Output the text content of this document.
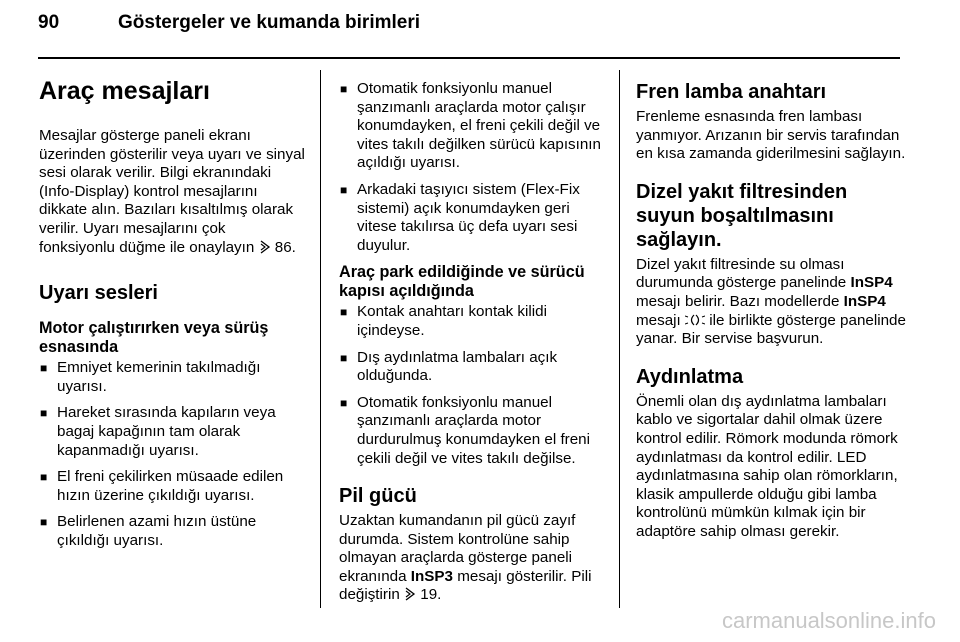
90	Göstergeler ve kumanda birimleri
Araç mesajları

Mesajlar gösterge paneli ekranı üzerinden gösterilir veya uyarı ve sinyal sesi olarak verilir. Bilgi ekranındaki (Info-Display) kontrol mesajlarını dikkate alın. Bazıları kısaltılmış olarak verilir. Uyarı mesajlarını çok fonksiyonlu düğme ile onaylayın 86.

Uyarı sesleri
Motor çalıştırırken veya sürüş esnasında
■ Emniyet kemerinin takılmadığı uyarısı.
■ Hareket sırasında kapıların veya bagaj kapağının tam olarak kapanmadığı uyarısı.
■ El freni çekilirken müsaade edilen hızın üzerine çıkıldığı uyarısı.
■ Belirlenen azami hızın üstüne çıkıldığı uyarısı.
■ Otomatik fonksiyonlu manuel şanzımanlı araçlarda motor çalışır konumdayken, el freni çekili değil ve vites takılı değilken sürücü kapısının açıldığı uyarısı.
■ Arkadaki taşıyıcı sistem (Flex-Fix sistemi) açık konumdayken geri vitese takılırsa üç defa uyarı sesi duyulur.
Araç park edildiğinde ve sürücü kapısı açıldığında
■ Kontak anahtarı kontak kilidi içindeyse.
■ Dış aydınlatma lambaları açık olduğunda.
■ Otomatik fonksiyonlu manuel şanzımanlı araçlarda motor durdurulmuş konumdayken el freni çekili değil ve vites takılı değilse.
Pil gücü

Uzaktan kumandanın pil gücü zayıf durumda. Sistem kontrolüne sahip olmayan araçlarda gösterge paneli ekranında InSP3 mesajı gösterilir. Pili değiştirin 19.

Fren lamba anahtarı

Frenleme esnasında fren lambası yanmıyor. Arızanın bir servis tarafından en kısa zamanda giderilmesini sağlayın.

Dizel yakıt filtresinden suyun boşaltılmasını sağlayın.

Dizel yakıt filtresinde su olması durumunda gösterge panelinde InSP4 mesajı belirir. Bazı modellerde InSP4 mesajı ile birlikte gösterge panelinde yanar. Bir servise başvurun.

Aydınlatma

Önemli olan dış aydınlatma lambaları kablo ve sigortalar dahil olmak üzere kontrol edilir. Römork modunda römork aydınlatması da kontrol edilir. LED aydınlatmasına sahip olan römorkların, klasik ampullerde olduğu gibi lamba kontrolünü mümkün kılmak için bir adaptöre sahip olması gerekir.

carmanualsonline.info
